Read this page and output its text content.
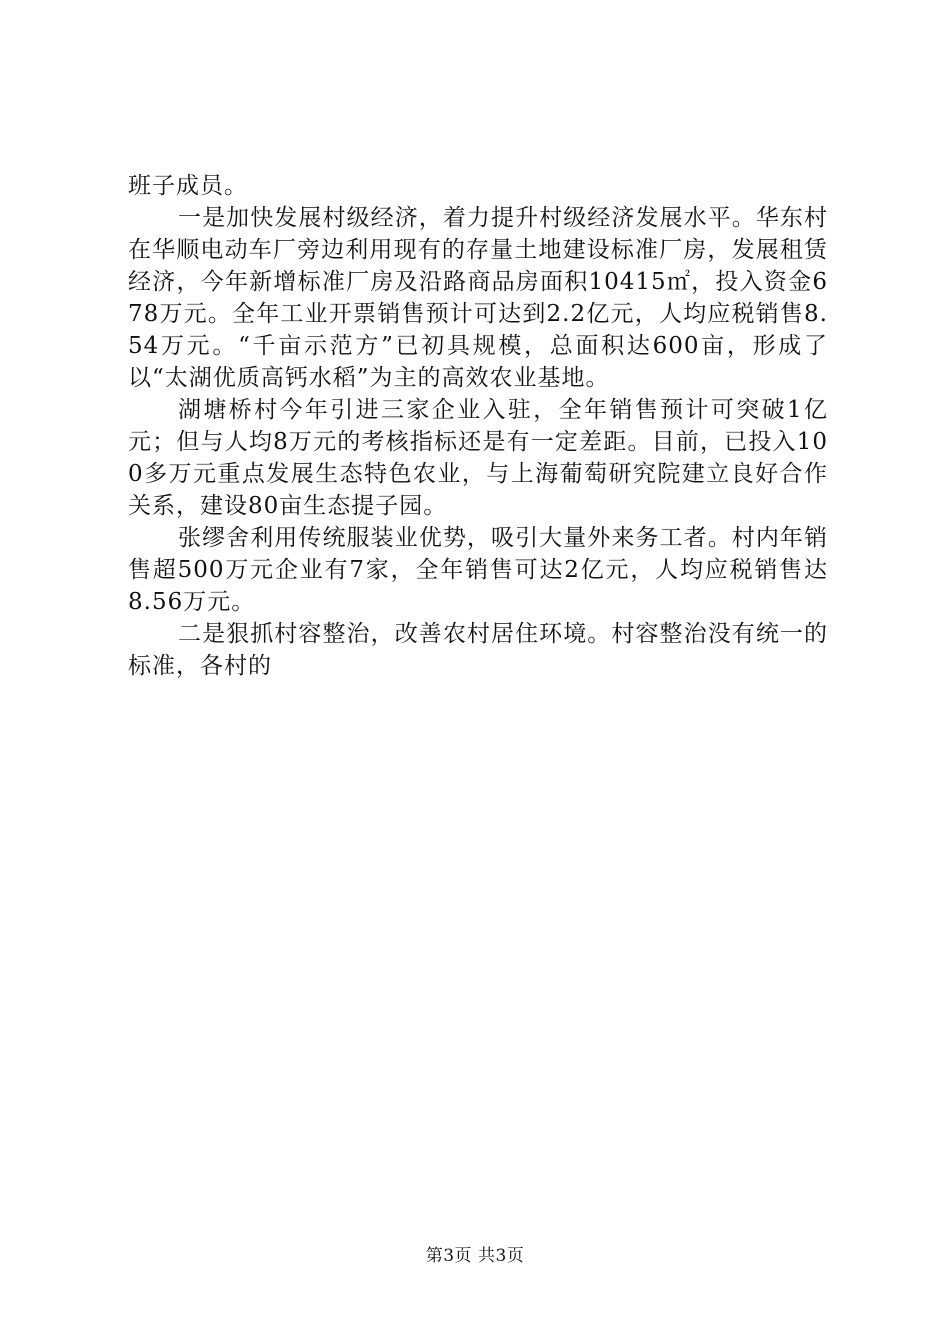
班子成员。

一是加快发展村级经济，着力提升村级经济发展水平。华东村在华顺电动车厂旁边利用现有的存量土地建设标准厂房，发展租赁经济，今年新增标准厂房及沿路商品房面积10415㎡，投入资金678万元。全年工业开票销售预计可达到2.2亿元，人均应税销售8.54万元。“千亩示范方”已初具规模，总面积达600亩，形成了以“太湖优质高钙水稻”为主的高效农业基地。

湖塘桥村今年引进三家企业入驻，全年销售预计可突破1亿元；但与人均8万元的考核指标还是有一定差距。目前，已投入100多万元重点发展生态特色农业，与上海葡萄研究院建立良好合作关系，建设80亩生态提子园。

张缪舍利用传统服装业优势，吸引大量外来务工者。村内年销售超500万元企业有7家，全年销售可达2亿元，人均应税销售达8.56万元。

二是狠抓村容整治，改善农村居住环境。村容整治没有统一的标准，各村的

第3页 共3页
